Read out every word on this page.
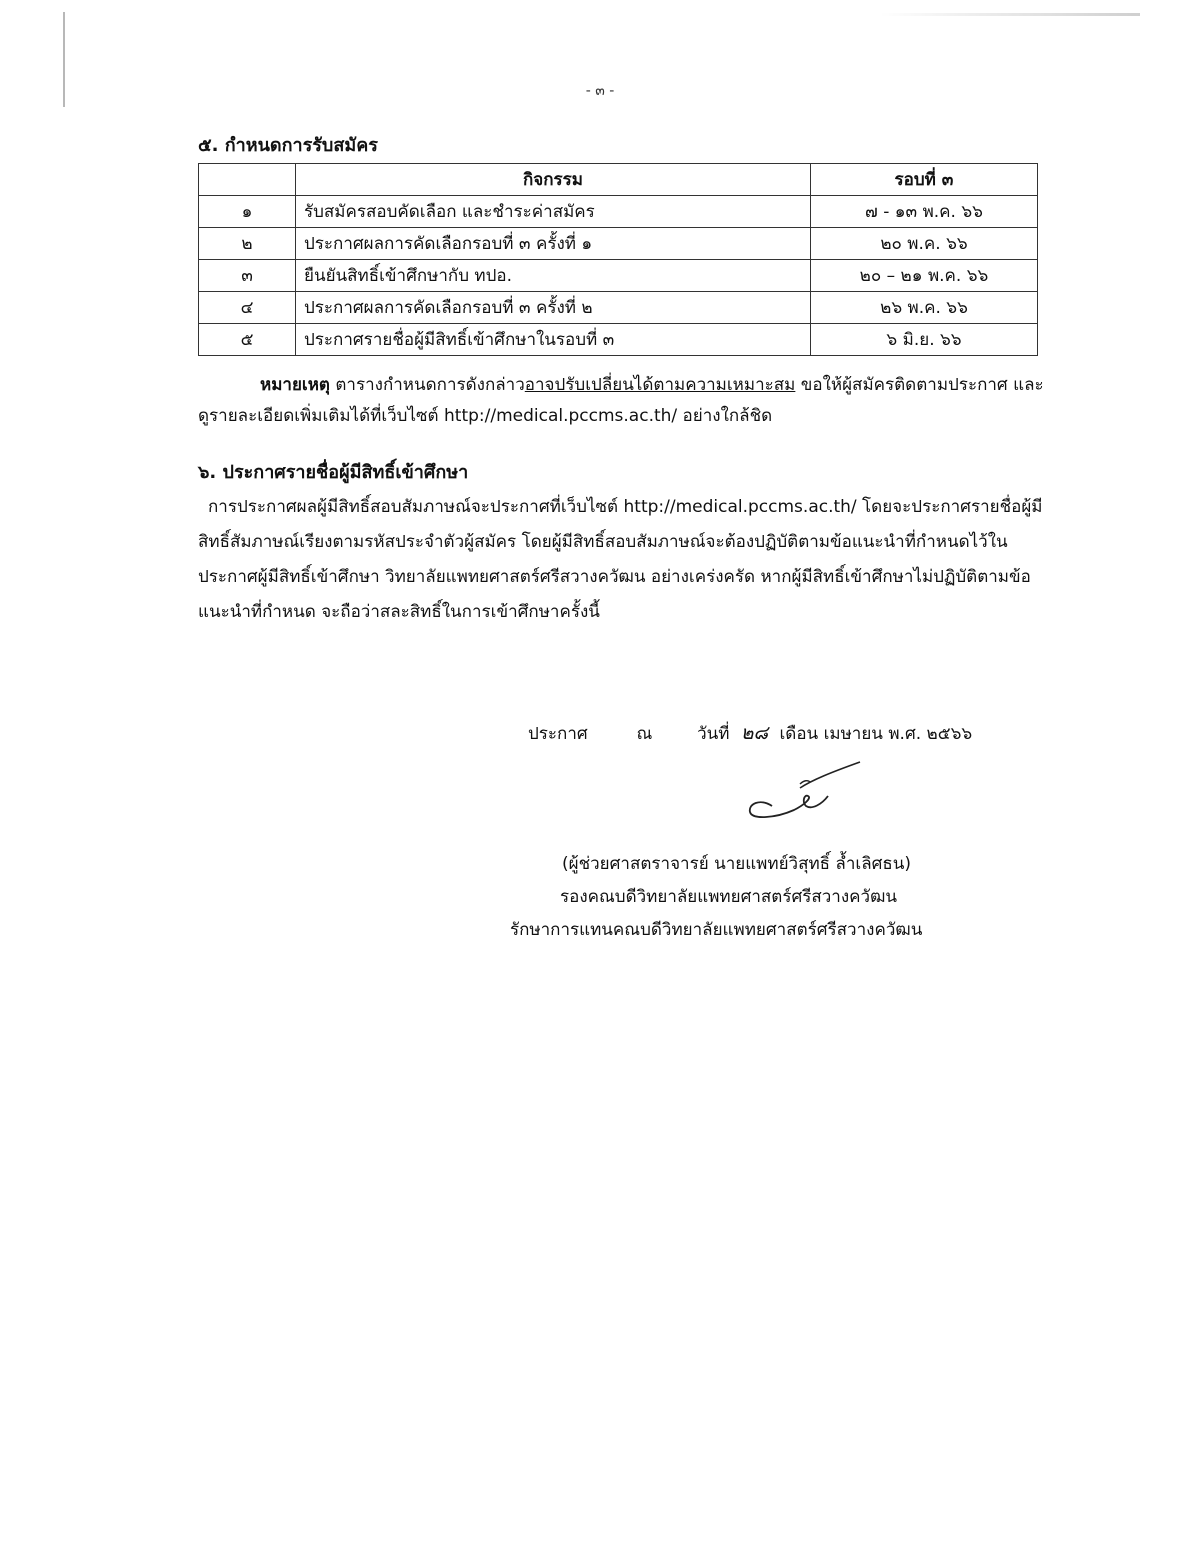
- ๓ -
๕. กำหนดการรับสมัคร
	กิจกรรม	รอบที่ ๓
๑	รับสมัครสอบคัดเลือก และชำระค่าสมัคร	๗ - ๑๓ พ.ค. ๖๖
๒	ประกาศผลการคัดเลือกรอบที่ ๓ ครั้งที่ ๑	๒๐ พ.ค. ๖๖
๓	ยืนยันสิทธิ์เข้าศึกษากับ ทปอ.	๒๐ – ๒๑ พ.ค. ๖๖
๔	ประกาศผลการคัดเลือกรอบที่ ๓ ครั้งที่ ๒	๒๖ พ.ค. ๖๖
๕	ประกาศรายชื่อผู้มีสิทธิ์เข้าศึกษาในรอบที่ ๓	๖ มิ.ย. ๖๖
หมายเหตุ ตารางกำหนดการดังกล่าวอาจปรับเปลี่ยนได้ตามความเหมาะสม ขอให้ผู้สมัครติดตามประกาศ และดูรายละเอียดเพิ่มเติมได้ที่เว็บไซต์ http://medical.pccms.ac.th/ อย่างใกล้ชิด
๖. ประกาศรายชื่อผู้มีสิทธิ์เข้าศึกษา
การประกาศผลผู้มีสิทธิ์สอบสัมภาษณ์จะประกาศที่เว็บไซต์ http://medical.pccms.ac.th/ โดยจะประกาศรายชื่อผู้มีสิทธิ์สัมภาษณ์เรียงตามรหัสประจำตัวผู้สมัคร โดยผู้มีสิทธิ์สอบสัมภาษณ์จะต้องปฏิบัติตามข้อแนะนำที่กำหนดไว้ในประกาศผู้มีสิทธิ์เข้าศึกษา วิทยาลัยแพทยศาสตร์ศรีสวางควัฒน อย่างเคร่งครัด หากผู้มีสิทธิ์เข้าศึกษาไม่ปฏิบัติตามข้อแนะนำที่กำหนด จะถือว่าสละสิทธิ์ในการเข้าศึกษาครั้งนี้
ประกาศ	ณ	วันที่ ๒๘ เดือน เมษายน พ.ศ. ๒๕๖๖
(ผู้ช่วยศาสตราจารย์ นายแพทย์วิสุทธิ์ ล้ำเลิศธน)
รองคณบดีวิทยาลัยแพทยศาสตร์ศรีสวางควัฒน
รักษาการแทนคณบดีวิทยาลัยแพทยศาสตร์ศรีสวางควัฒน
